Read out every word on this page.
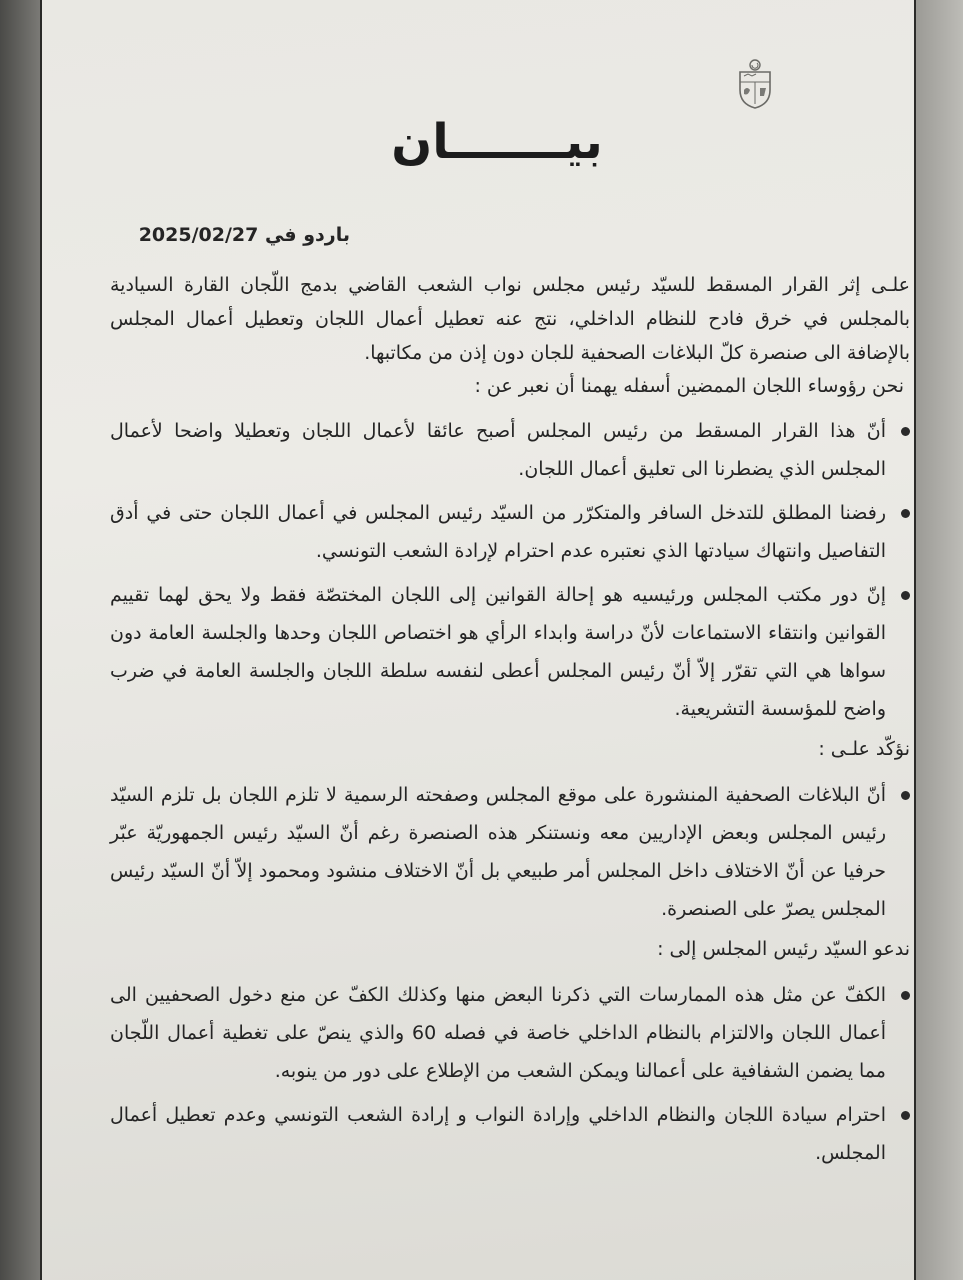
بيـــــــان
باردو في 2025/02/27
علـى إثر القرار المسقط للسيّد رئيس مجلس نواب الشعب القاضي بدمج اللّجان القارة السيادية بالمجلس في خرق فادح للنظام الداخلي، نتج عنه تعطيل أعمال اللجان وتعطيل أعمال المجلس بالإضافة الى صنصرة كلّ البلاغات الصحفية للجان دون إذن من مكاتبها.
نحن رؤوساء اللجان الممضين أسفله يهمنا أن نعبر عن :
أنّ هذا القرار المسقط من رئيس المجلس أصبح عائقا لأعمال اللجان وتعطيلا واضحا لأعمال المجلس الذي يضطرنا الى تعليق أعمال اللجان.
رفضنا المطلق للتدخل السافر والمتكرّر من السيّد رئيس المجلس في أعمال اللجان حتى في أدق التفاصيل وانتهاك سيادتها الذي نعتبره عدم احترام لإرادة الشعب التونسي.
إنّ دور مكتب المجلس ورئيسيه هو إحالة القوانين إلى اللجان المختصّة فقط ولا يحق لهما تقييم القوانين وانتقاء الاستماعات لأنّ دراسة وابداء الرأي هو اختصاص اللجان وحدها والجلسة العامة دون سواها هي التي تقرّر إلاّ أنّ رئيس المجلس أعطى لنفسه سلطة اللجان والجلسة العامة في ضرب واضح للمؤسسة التشريعية.
نؤكّد علـى :
أنّ البلاغات الصحفية المنشورة على موقع المجلس وصفحته الرسمية لا تلزم اللجان بل تلزم السيّد رئيس المجلس وبعض الإداريين معه ونستنكر هذه الصنصرة رغم أنّ السيّد رئيس الجمهوريّة عبّر حرفيا عن أنّ الاختلاف داخل المجلس أمر طبيعي بل أنّ الاختلاف منشود ومحمود إلاّ أنّ السيّد رئيس المجلس يصرّ على الصنصرة.
ندعو السيّد رئيس المجلس إلى :
الكفّ عن مثل هذه الممارسات التي ذكرنا البعض منها وكذلك الكفّ عن منع دخول الصحفيين الى أعمال اللجان والالتزام بالنظام الداخلي خاصة في فصله 60 والذي ينصّ على تغطية أعمال اللّجان مما يضمن الشفافية على أعمالنا ويمكن الشعب من الإطلاع على دور من ينوبه.
احترام سيادة اللجان والنظام الداخلي وإرادة النواب و إرادة الشعب التونسي وعدم تعطيل أعمال المجلس.
